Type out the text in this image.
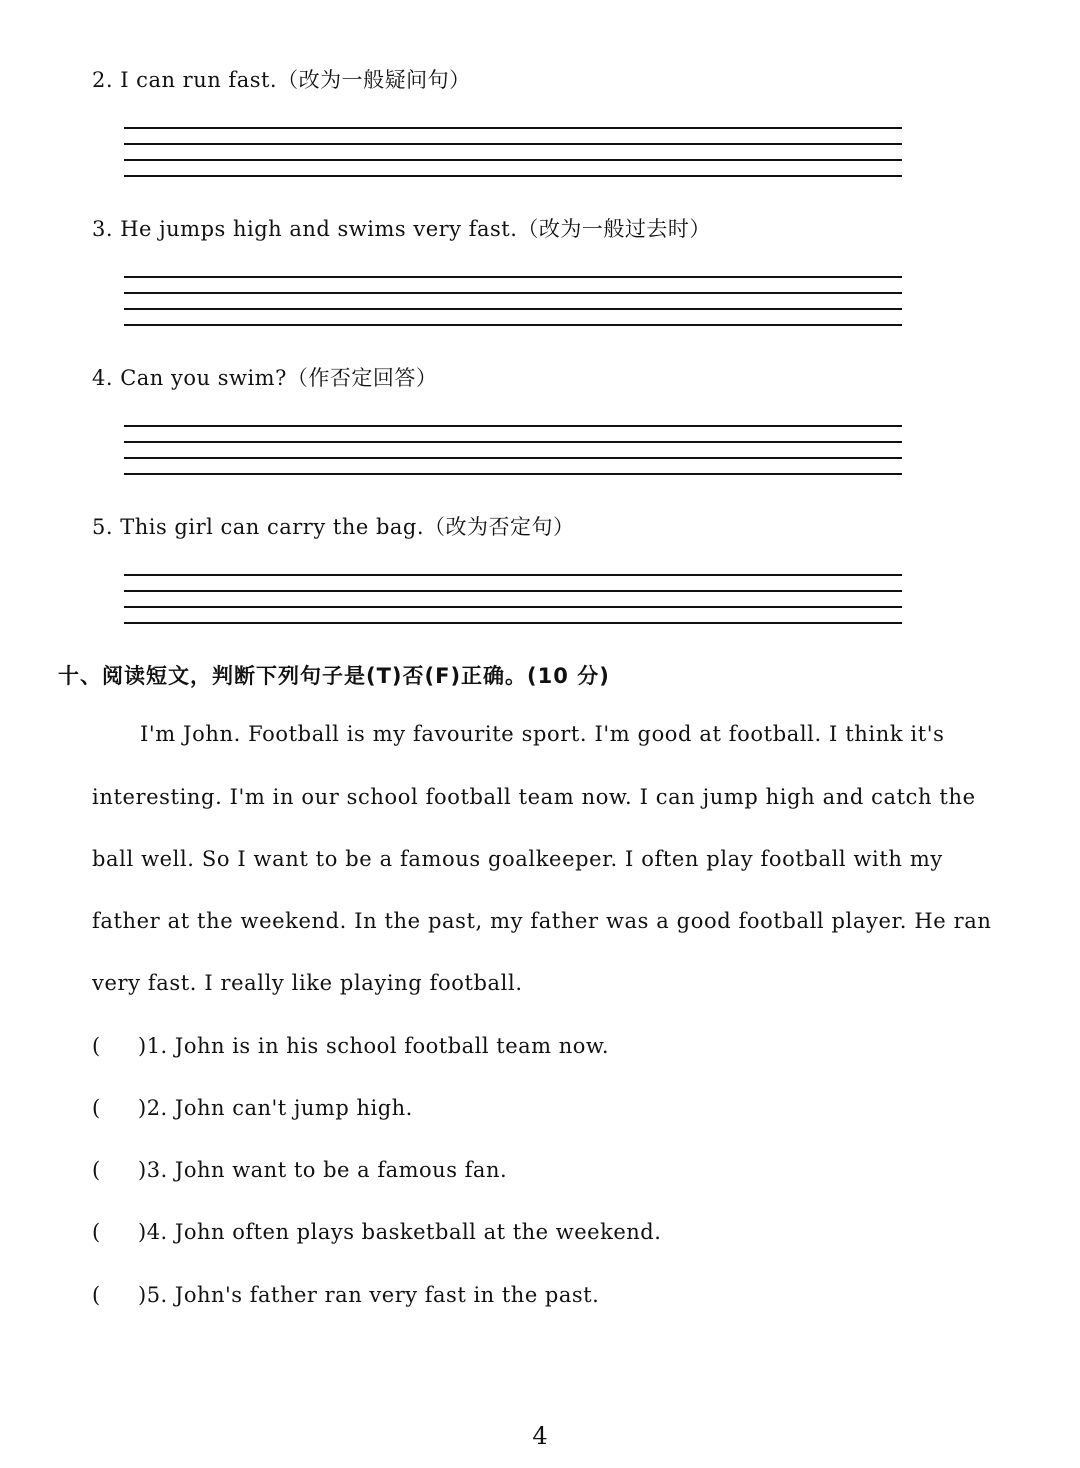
2. I can run fast.（改为一般疑问句）
3. He jumps high and swims very fast.（改为一般过去时）
4. Can you swim?（作否定回答）
5. This girl can carry the bag.（改为否定句）
十、阅读短文，判断下列句子是(T)否(F)正确。(10 分)
I'm John. Football is my favourite sport. I'm good at football. I think it's
interesting. I'm in our school football team now. I can jump high and catch the
ball well. So I want to be a famous goalkeeper. I often play football with my
father at the weekend. In the past, my father was a good football player. He ran
very fast. I really like playing football.
( )1. John is in his school football team now.
( )2. John can't jump high.
( )3. John want to be a famous fan.
( )4. John often plays basketball at the weekend.
( )5. John's father ran very fast in the past.
4
